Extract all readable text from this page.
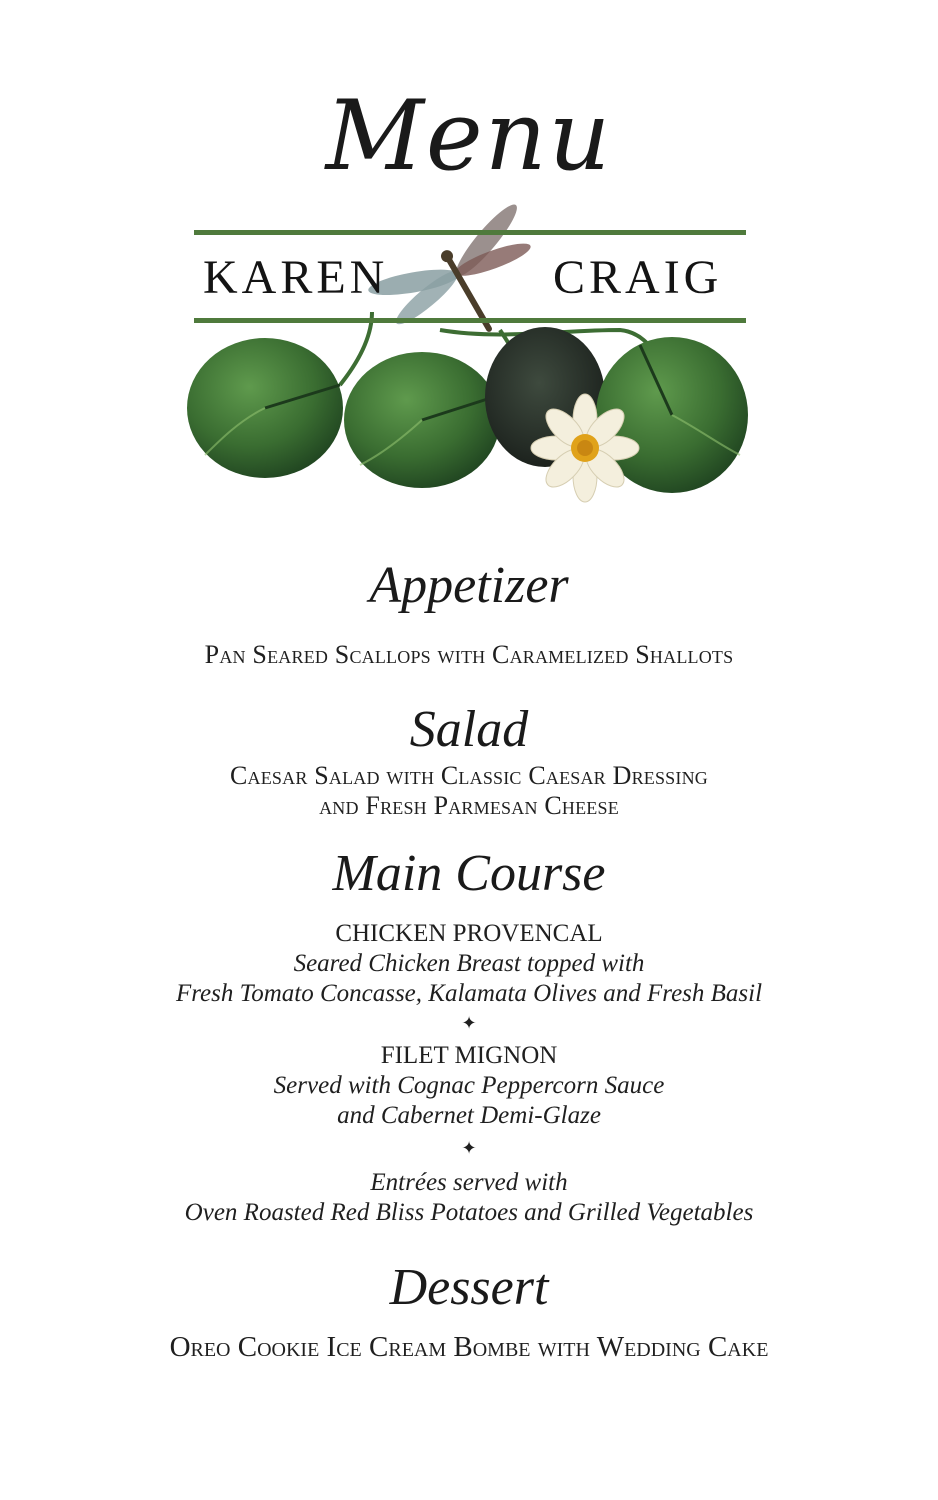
Menu
KAREN	CRAIG
Appetizer
Pan Seared Scallops with Caramelized Shallots
Salad
Caesar Salad with Classic Caesar Dressing
and Fresh Parmesan Cheese
Main Course
CHICKEN PROVENCAL
Seared Chicken Breast topped with
Fresh Tomato Concasse, Kalamata Olives and Fresh Basil
✦
FILET MIGNON
Served with Cognac Peppercorn Sauce
and Cabernet Demi-Glaze
✦
Entrées served with
Oven Roasted Red Bliss Potatoes and Grilled Vegetables
Dessert
Oreo Cookie Ice Cream Bombe with Wedding Cake
